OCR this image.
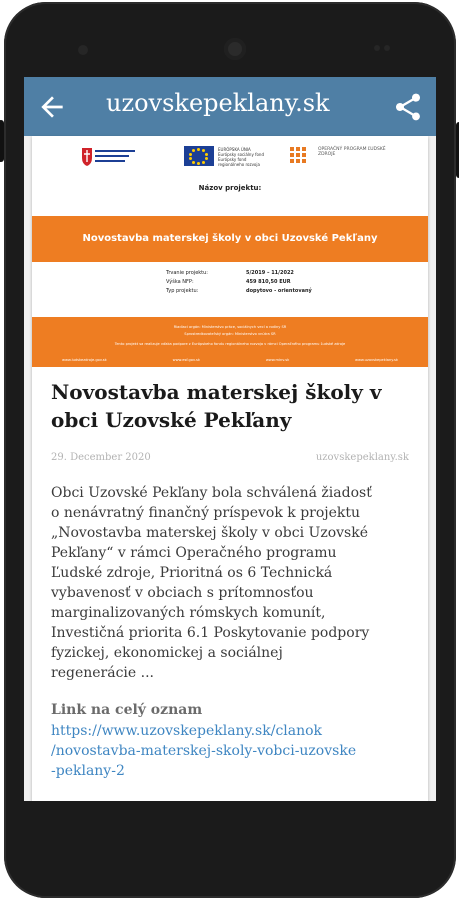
uzovskepeklany.sk
EURÓPSKA ÚNIA Európsky sociálny fond Európsky fond regionálneho rozvoja
OPERAČNÝ PROGRAM ĽUDSKÉ ZDROJE
Názov projektu:
Novostavba materskej školy v obci Uzovské Pekľany
Trvanie projektu:	5/2019 – 11/2022
Výška NFP:	459 810,50 EUR
Typ projektu:	dopytovo - orientovaný
Riadiaci orgán: Ministerstvo práce, sociálnych vecí a rodiny SR
Sprostredkovateľský orgán: Ministerstvo vnútra SR
Tento projekt sa realizuje vďaka podpore z Európskeho fondu regionálneho rozvoja v rámci Operačného programu Ľudské zdroje
www.ludskezdroje.gov.sk	www.esf.gov.sk	www.minv.sk	www.uzovskepeklany.sk
Novostavba materskej školy v obci Uzovské Pekľany
29. December 2020	uzovskepeklany.sk
Obci Uzovské Pekľany bola schválená žiadosť
o nenávratný finančný príspevok k projektu
„Novostavba materskej školy v obci Uzovské
Pekľany“ v rámci Operačného programu
Ľudské zdroje, Prioritná os 6 Technická
vybavenosť v obciach s prítomnosťou
marginalizovaných rómskych komunít,
Investičná priorita 6.1 Poskytovanie podpory
fyzickej, ekonomickej a sociálnej
regenerácie ...
Link na celý oznam
https://www.uzovskepeklany.sk/clanok
/novostavba-materskej-skoly-vobci-uzovske
-peklany-2
